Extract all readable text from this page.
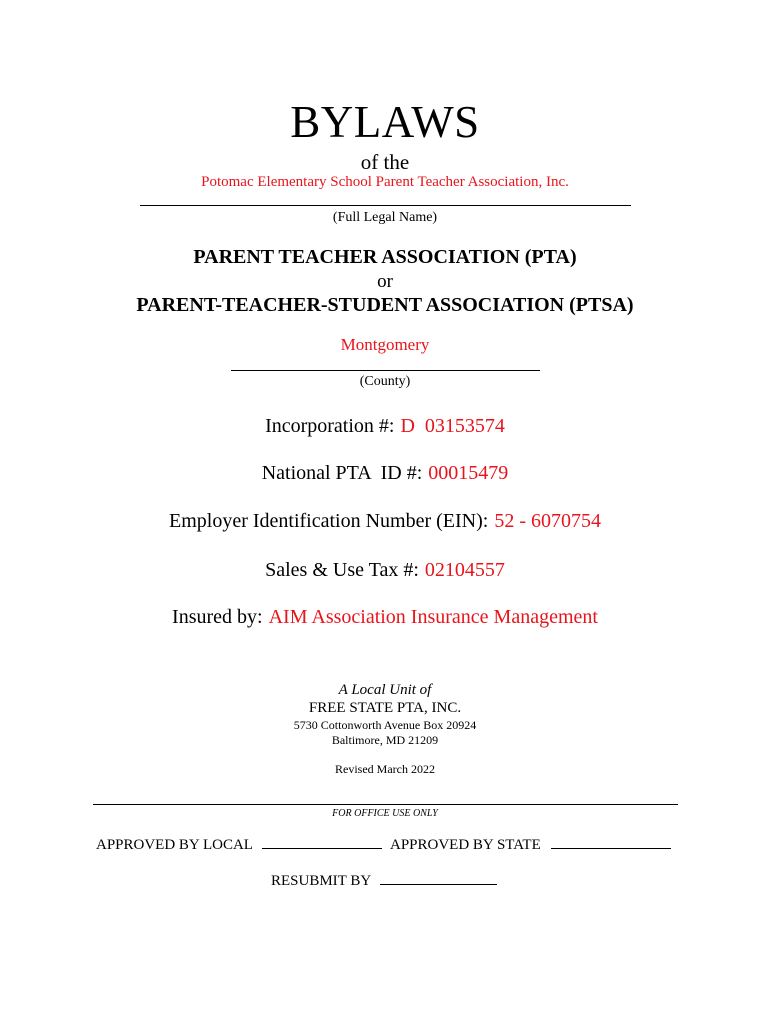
BYLAWS
of the
Potomac Elementary School Parent Teacher Association, Inc.
(Full Legal Name)
PARENT TEACHER ASSOCIATION (PTA)
or
PARENT-TEACHER-STUDENT ASSOCIATION (PTSA)
Montgomery
(County)
Incorporation #: D  03153574
National PTA  ID #: 00015479
Employer Identification Number (EIN): 52 - 6070754
Sales & Use Tax #: 02104557
Insured by: AIM Association Insurance Management
A Local Unit of
FREE STATE PTA, INC.
5730 Cottonworth Avenue Box 20924
Baltimore, MD 21209
Revised March 2022
FOR OFFICE USE ONLY
APPROVED BY LOCAL	APPROVED BY STATE
RESUBMIT BY
